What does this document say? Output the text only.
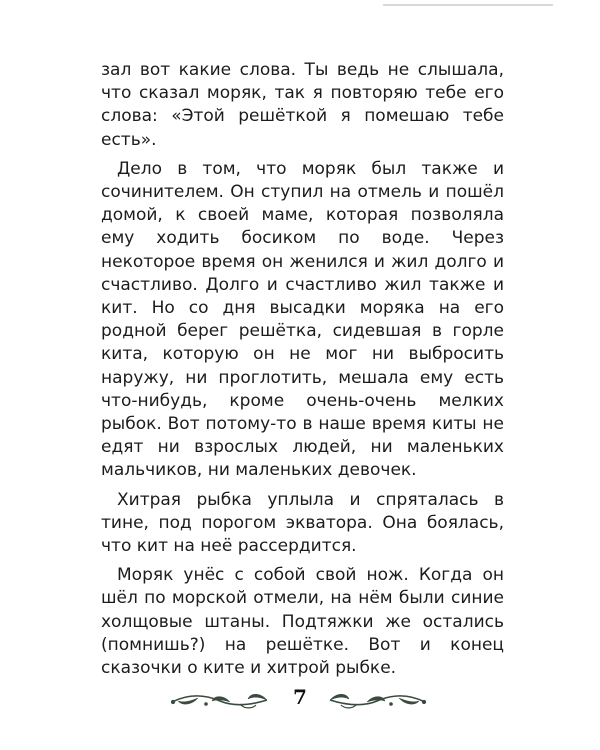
зал вот какие слова. Ты ведь не слышала, что сказал моряк, так я повторяю тебе его слова: «Этой решёткой я помешаю тебе есть».

Дело в том, что моряк был также и сочинителем. Он ступил на отмель и пошёл домой, к своей маме, которая позволяла ему ходить босиком по воде. Через некоторое время он женился и жил долго и счастливо. Долго и счастливо жил также и кит. Но со дня высадки моряка на его родной берег решётка, сидевшая в горле кита, которую он не мог ни выбросить наружу, ни проглотить, мешала ему есть что-нибудь, кроме очень-очень мелких рыбок. Вот потому-то в наше время киты не едят ни взрослых людей, ни маленьких мальчиков, ни маленьких девочек.

Хитрая рыбка уплыла и спряталась в тине, под порогом экватора. Она боялась, что кит на неё рассердится.

Моряк унёс с собой свой нож. Когда он шёл по морской отмели, на нём были синие холщовые штаны. Подтяжки же остались (помнишь?) на решётке. Вот и конец сказочки о ките и хитрой рыбке.

7
